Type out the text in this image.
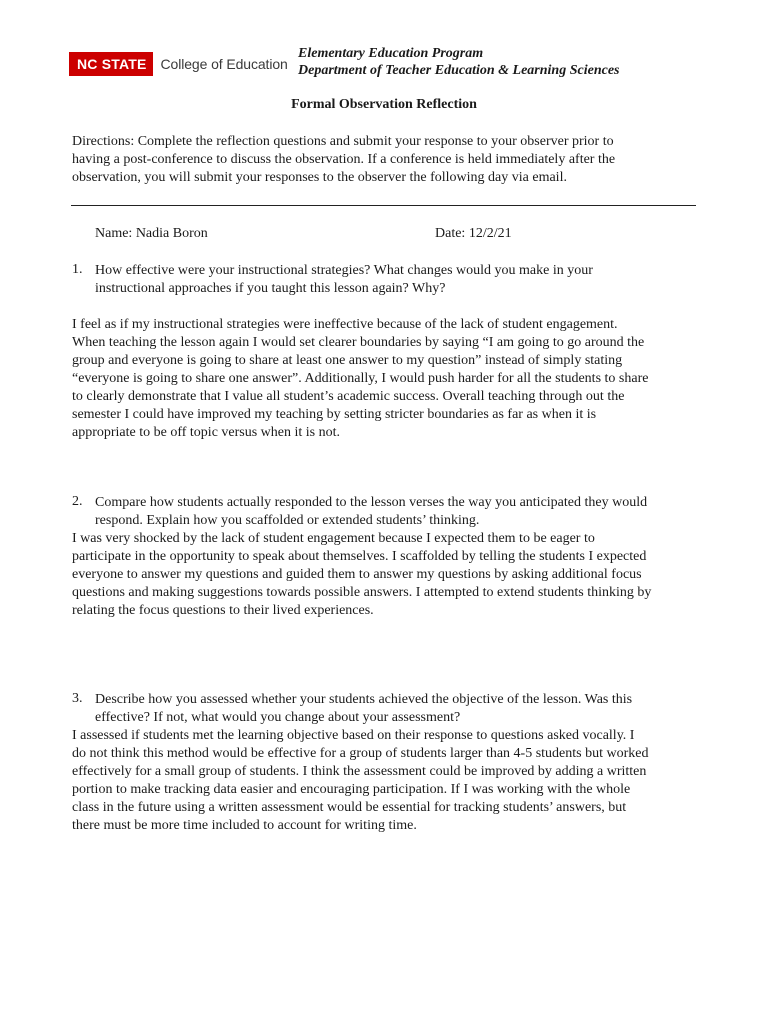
NC STATE	College of Education
Elementary Education Program
Department of Teacher Education & Learning Sciences
Formal Observation Reflection
Directions: Complete the reflection questions and submit your response to your observer prior to
having a post-conference to discuss the observation. If a conference is held immediately after the
observation, you will submit your responses to the observer the following day via email.
Name: Nadia Boron	Date: 12/2/21
1. How effective were your instructional strategies? What changes would you make in your
instructional approaches if you taught this lesson again? Why?
I feel as if my instructional strategies were ineffective because of the lack of student engagement.
When teaching the lesson again I would set clearer boundaries by saying “I am going to go around the
group and everyone is going to share at least one answer to my question” instead of simply stating
“everyone is going to share one answer”. Additionally, I would push harder for all the students to share
to clearly demonstrate that I value all student’s academic success. Overall teaching through out the
semester I could have improved my teaching by setting stricter boundaries as far as when it is
appropriate to be off topic versus when it is not.
2. Compare how students actually responded to the lesson verses the way you anticipated they would
respond. Explain how you scaffolded or extended students’ thinking.
I was very shocked by the lack of student engagement because I expected them to be eager to
participate in the opportunity to speak about themselves. I scaffolded by telling the students I expected
everyone to answer my questions and guided them to answer my questions by asking additional focus
questions and making suggestions towards possible answers. I attempted to extend students thinking by
relating the focus questions to their lived experiences.
3. Describe how you assessed whether your students achieved the objective of the lesson. Was this
effective? If not, what would you change about your assessment?
I assessed if students met the learning objective based on their response to questions asked vocally. I
do not think this method would be effective for a group of students larger than 4-5 students but worked
effectively for a small group of students. I think the assessment could be improved by adding a written
portion to make tracking data easier and encouraging participation. If I was working with the whole
class in the future using a written assessment would be essential for tracking students’ answers, but
there must be more time included to account for writing time.
